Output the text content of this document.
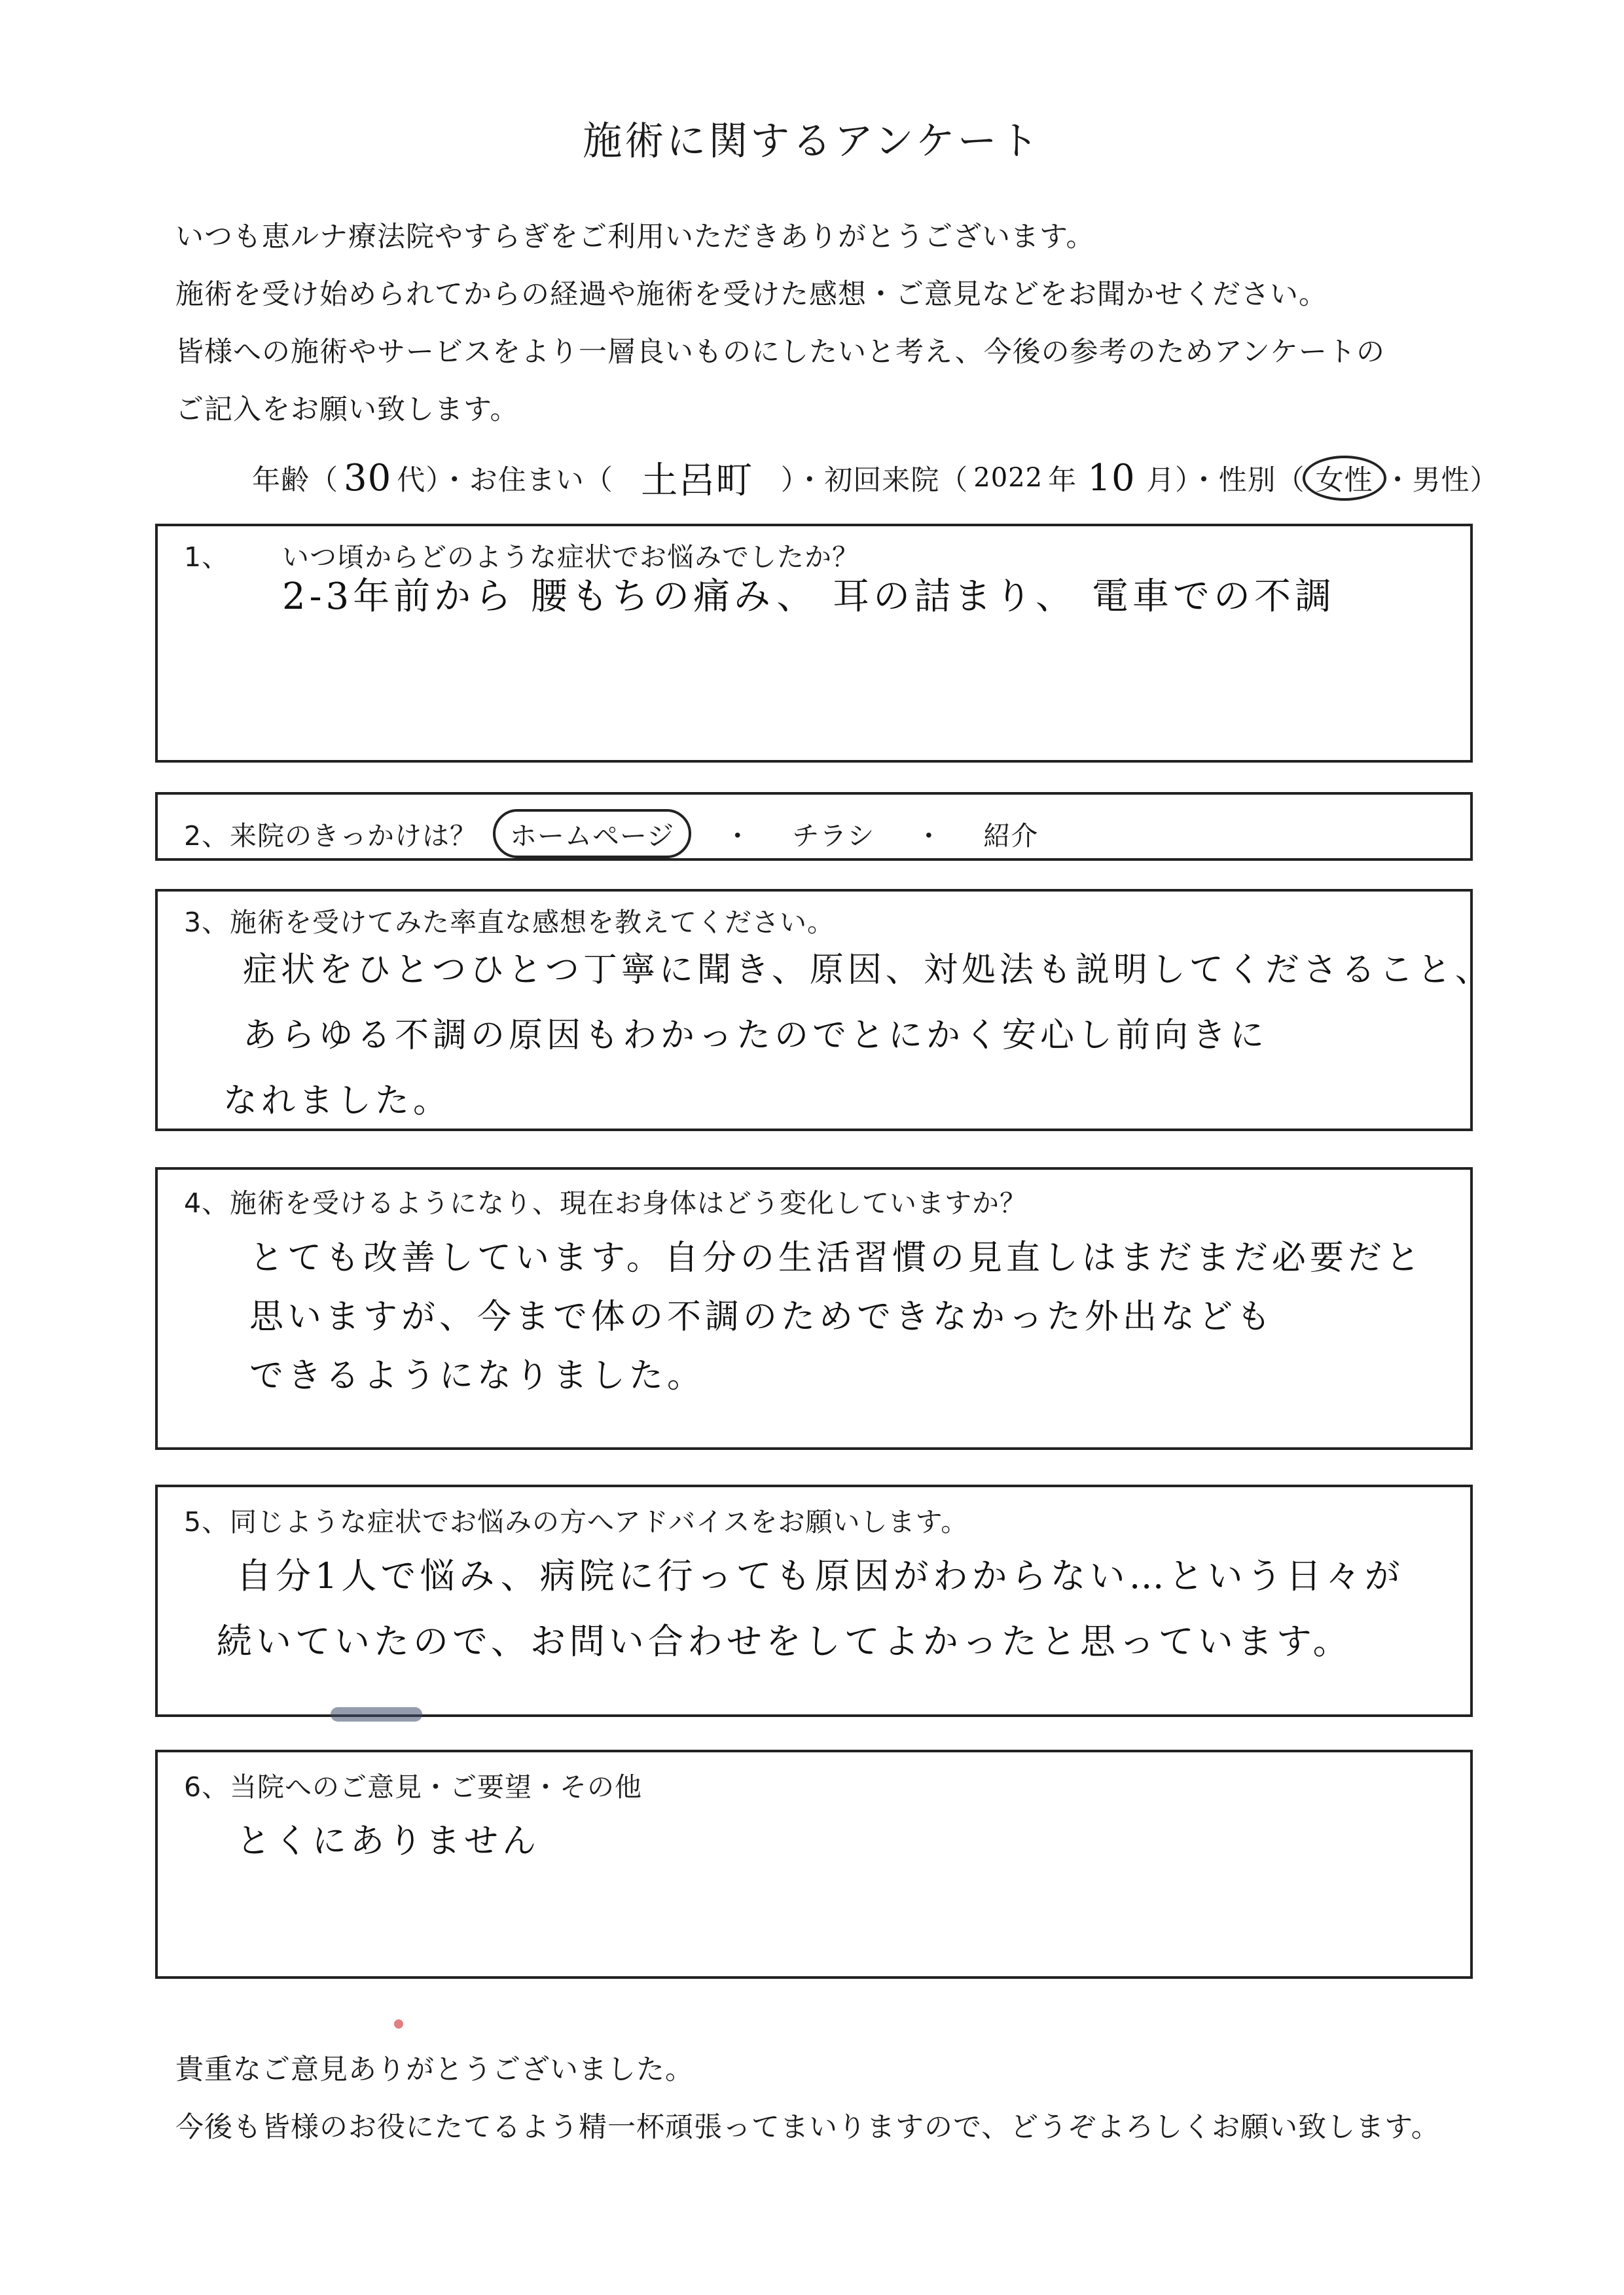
施術に関するアンケート
いつも恵ルナ療法院やすらぎをご利用いただきありがとうございます。
施術を受け始められてからの経過や施術を受けた感想・ご意見などをお聞かせください。
皆様への施術やサービスをより一層良いものにしたいと考え、今後の参考のためアンケートの
ご記入をお願い致します。
年齢（ 30 代）・お住まい（ 土呂町 ）・初回来院（ 2022 年 10 月）・性別（ 女性 ・男性）
1、 いつ頃からどのような症状でお悩みでしたか？
2-3年前から 腰もちの痛み、 耳の詰まり、 電車での不調
2、来院のきっかけは？ ホームページ ・ チラシ ・ 紹介
3、施術を受けてみた率直な感想を教えてください。
症状をひとつひとつ丁寧に聞き、原因、対処法も説明してくださること、
あらゆる不調の原因もわかったのでとにかく安心し前向きに
なれました。
4、施術を受けるようになり、現在お身体はどう変化していますか？
とても改善しています。自分の生活習慣の見直しはまだまだ必要だと
思いますが、今まで体の不調のためできなかった外出なども
できるようになりました。
5、同じような症状でお悩みの方へアドバイスをお願いします。
自分1人で悩み、病院に行っても原因がわからない…という日々が
続いていたので、お問い合わせをしてよかったと思っています。
6、当院へのご意見・ご要望・その他
とくにありません
貴重なご意見ありがとうございました。
今後も皆様のお役にたてるよう精一杯頑張ってまいりますので、どうぞよろしくお願い致します。
